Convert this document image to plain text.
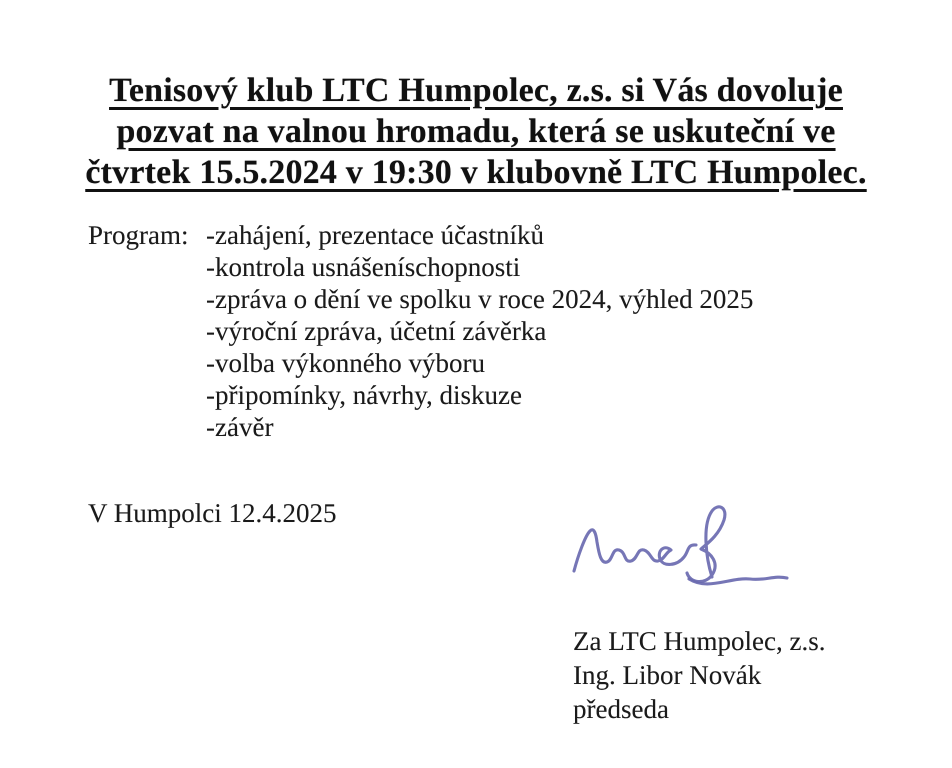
Tenisový klub LTC Humpolec, z.s. si Vás dovoluje
pozvat na valnou hromadu, která se uskuteční ve
čtvrtek 15.5.2024 v 19:30 v klubovně LTC Humpolec.
Program: -zahájení, prezentace účastníků
-kontrola usnášeníschopnosti
-zpráva o dění ve spolku v roce 2024, výhled 2025
-výroční zpráva, účetní závěrka
-volba výkonného výboru
-připomínky, návrhy, diskuze
-závěr
V Humpolci 12.4.2025
Za LTC Humpolec, z.s.
Ing. Libor Novák
předseda
